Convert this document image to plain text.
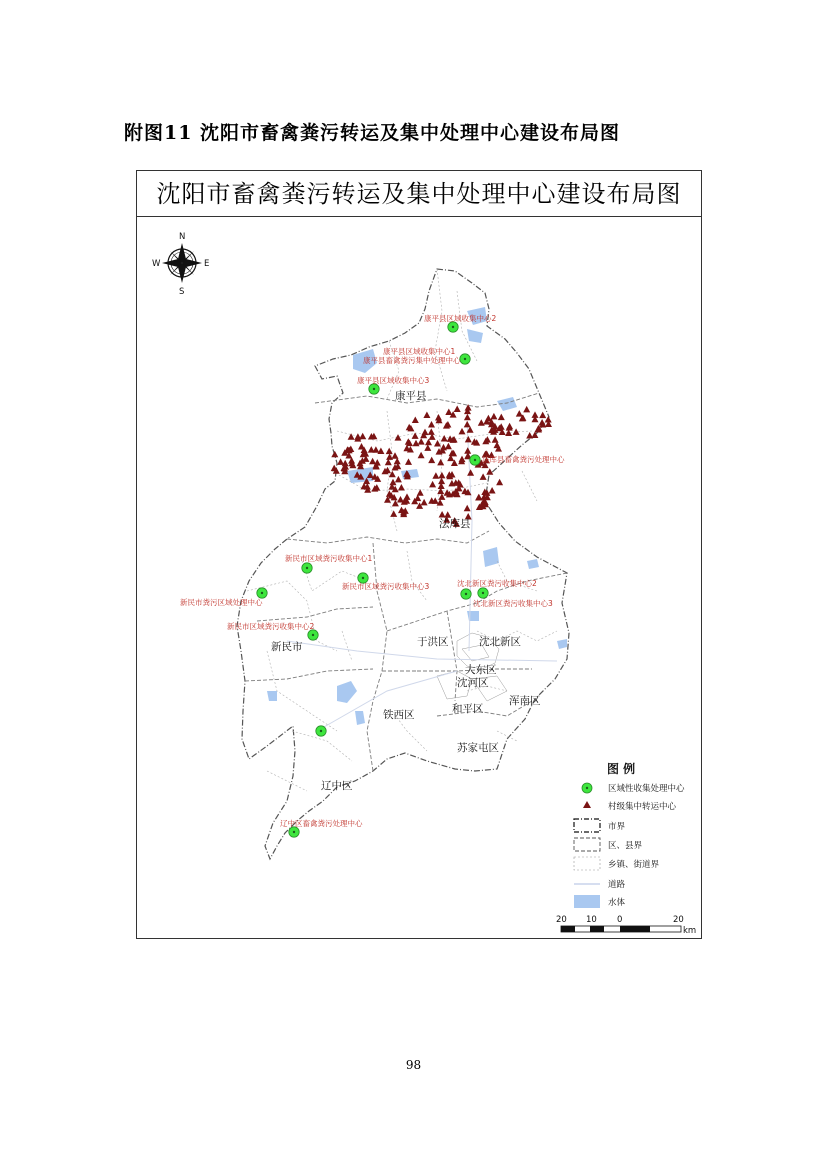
附图11 沈阳市畜禽粪污转运及集中处理中心建设布局图
沈阳市畜禽粪污转运及集中处理中心建设布局图
康平县区域收集中心2
康平县区域收集中心1
康平县畜禽粪污集中处理中心
康平县区域收集中心3
法库县畜禽粪污处理中心
新民市区域粪污收集中心1
新民市区域粪污收集中心3
新民市粪污区域处理中心
新民市区域粪污收集中心2
沈北新区粪污收集中心2
沈北新区粪污收集中心3
辽中区畜禽粪污处理中心
康平县
法库县
新民市	于洪区	沈北新区
大东区
沈河区
浑南区
铁西区	和平区
苏家屯区
辽中区
N
S
W	E
图 例
区域性收集处理中心
村级集中转运中心
市界
区、县界
乡镇、街道界
道路
水体
20 10 0	20
km
98
